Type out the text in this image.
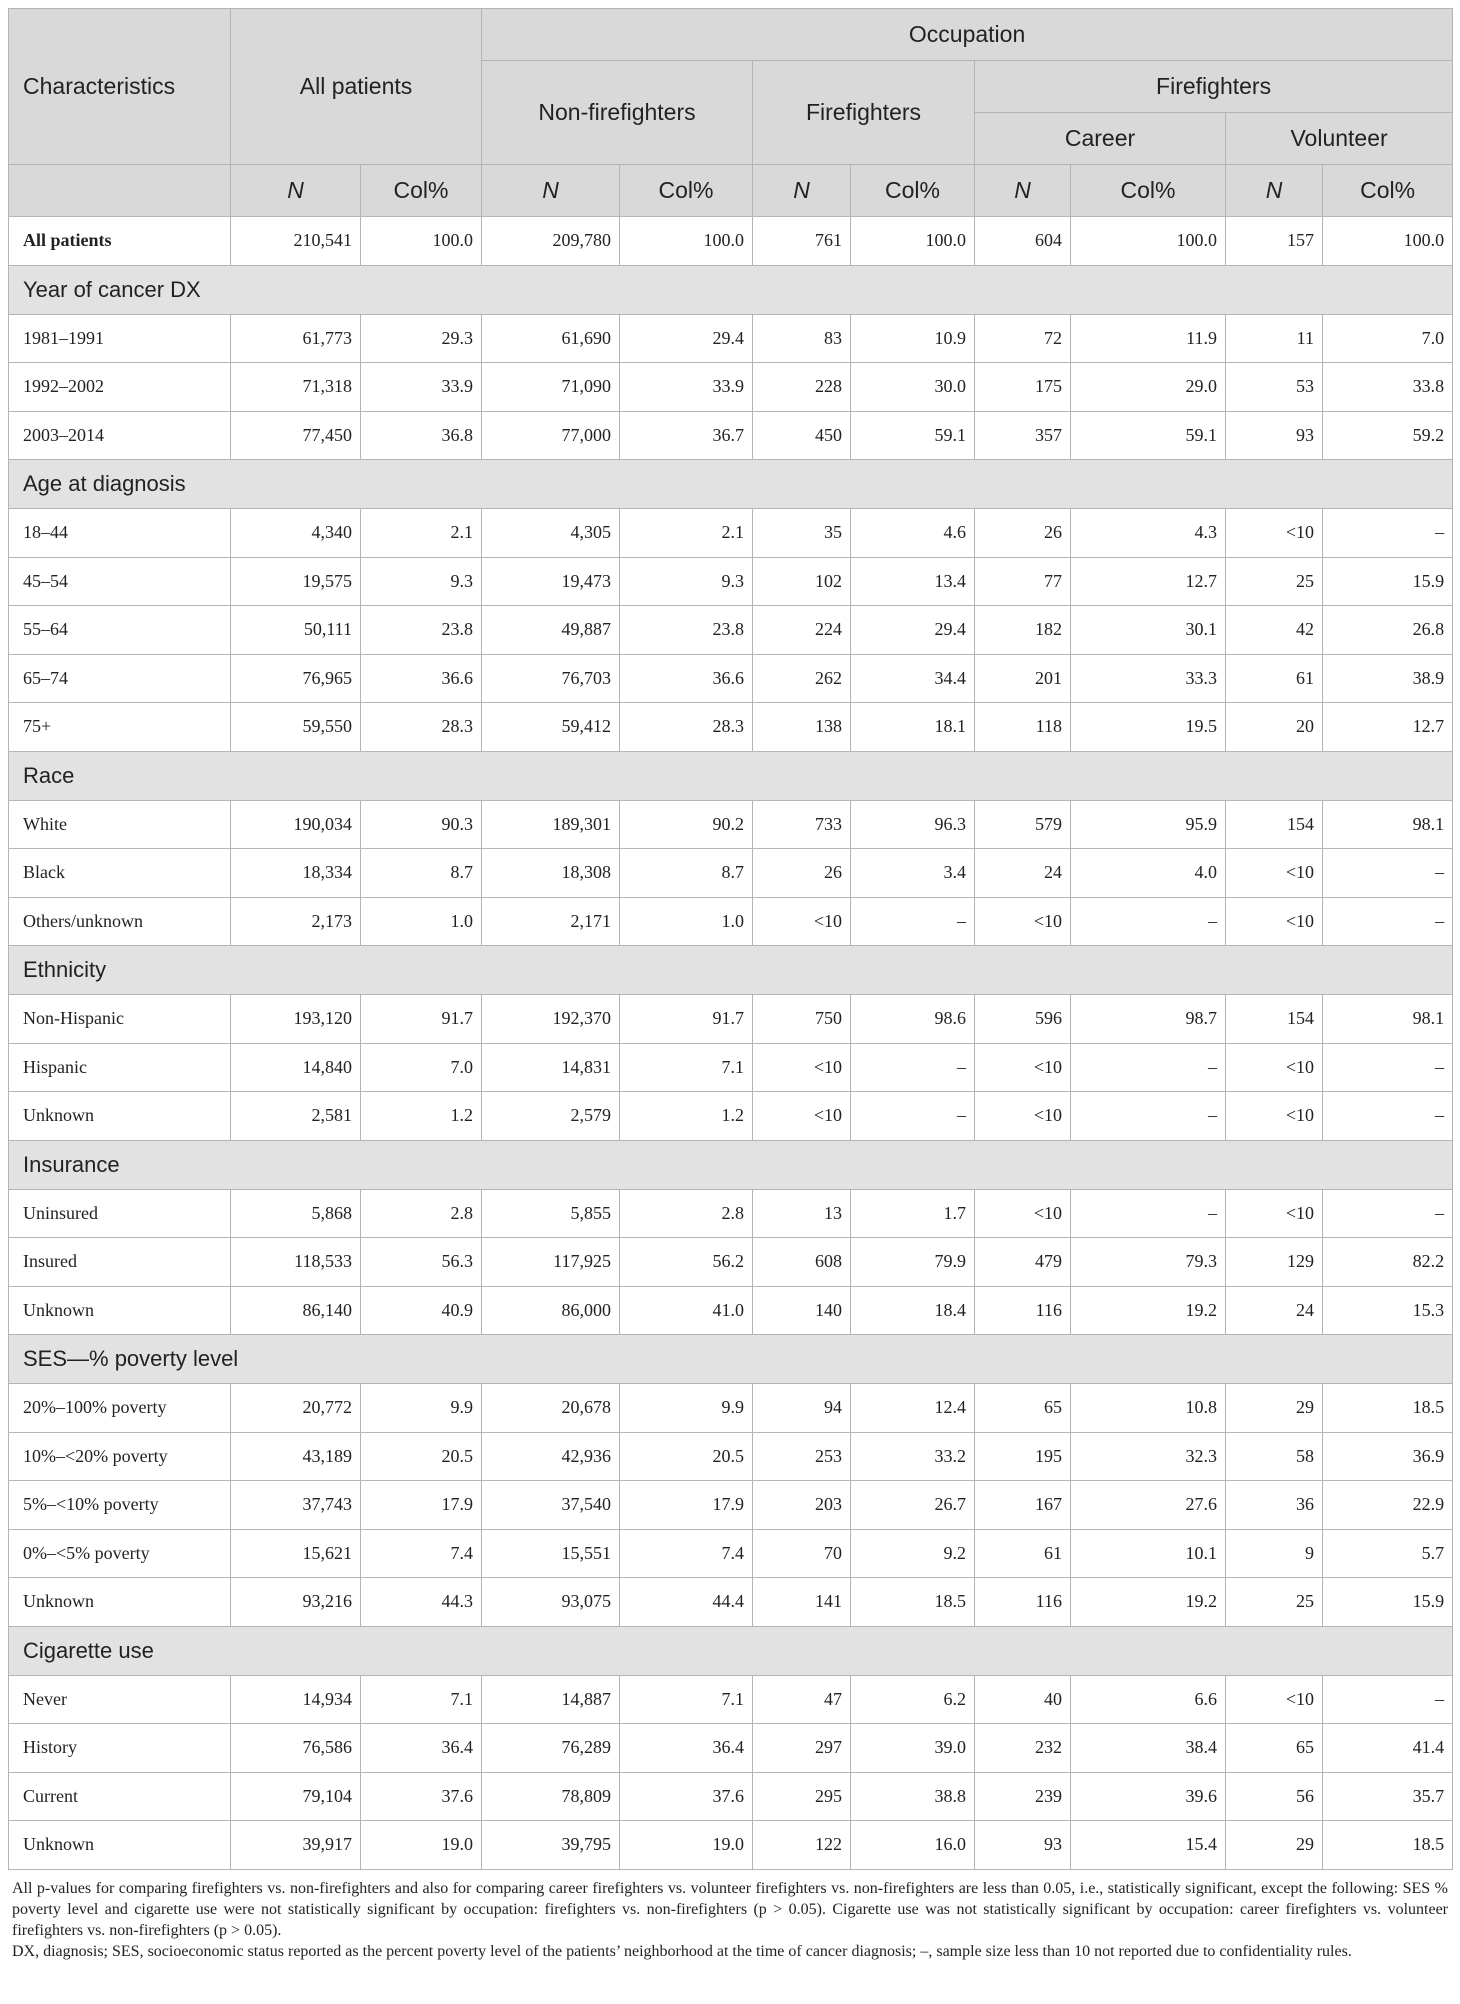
Characteristics	All patients		Occupation							
			Non-firefighters		Firefighters		Firefighters			
							Career		Volunteer	
	N	Col%	N	Col%	N	Col%	N	Col%	N	Col%
All patients	210,541	100.0	209,780	100.0	761	100.0	604	100.0	157	100.0
Year of cancer DX										
1981–1991	61,773	29.3	61,690	29.4	83	10.9	72	11.9	11	7.0
1992–2002	71,318	33.9	71,090	33.9	228	30.0	175	29.0	53	33.8
2003–2014	77,450	36.8	77,000	36.7	450	59.1	357	59.1	93	59.2
Age at diagnosis										
18–44	4,340	2.1	4,305	2.1	35	4.6	26	4.3	<10	–
45–54	19,575	9.3	19,473	9.3	102	13.4	77	12.7	25	15.9
55–64	50,111	23.8	49,887	23.8	224	29.4	182	30.1	42	26.8
65–74	76,965	36.6	76,703	36.6	262	34.4	201	33.3	61	38.9
75+	59,550	28.3	59,412	28.3	138	18.1	118	19.5	20	12.7
Race										
White	190,034	90.3	189,301	90.2	733	96.3	579	95.9	154	98.1
Black	18,334	8.7	18,308	8.7	26	3.4	24	4.0	<10	–
Others/unknown	2,173	1.0	2,171	1.0	<10	–	<10	–	<10	–
Ethnicity										
Non-Hispanic	193,120	91.7	192,370	91.7	750	98.6	596	98.7	154	98.1
Hispanic	14,840	7.0	14,831	7.1	<10	–	<10	–	<10	–
Unknown	2,581	1.2	2,579	1.2	<10	–	<10	–	<10	–
Insurance										
Uninsured	5,868	2.8	5,855	2.8	13	1.7	<10	–	<10	–
Insured	118,533	56.3	117,925	56.2	608	79.9	479	79.3	129	82.2
Unknown	86,140	40.9	86,000	41.0	140	18.4	116	19.2	24	15.3
SES—% poverty level										
20%–100% poverty	20,772	9.9	20,678	9.9	94	12.4	65	10.8	29	18.5
10%–<20% poverty	43,189	20.5	42,936	20.5	253	33.2	195	32.3	58	36.9
5%–<10% poverty	37,743	17.9	37,540	17.9	203	26.7	167	27.6	36	22.9
0%–<5% poverty	15,621	7.4	15,551	7.4	70	9.2	61	10.1	9	5.7
Unknown	93,216	44.3	93,075	44.4	141	18.5	116	19.2	25	15.9
Cigarette use										
Never	14,934	7.1	14,887	7.1	47	6.2	40	6.6	<10	–
History	76,586	36.4	76,289	36.4	297	39.0	232	38.4	65	41.4
Current	79,104	37.6	78,809	37.6	295	38.8	239	39.6	56	35.7
Unknown	39,917	19.0	39,795	19.0	122	16.0	93	15.4	29	18.5

All p-values for comparing firefighters vs. non-firefighters and also for comparing career firefighters vs. volunteer firefighters vs. non-firefighters are less than 0.05, i.e., statistically significant, except the following: SES % poverty level and cigarette use were not statistically significant by occupation: firefighters vs. non-firefighters (p > 0.05). Cigarette use was not statistically significant by occupation: career firefighters vs. volunteer firefighters vs. non-firefighters (p > 0.05).

DX, diagnosis; SES, socioeconomic status reported as the percent poverty level of the patients’ neighborhood at the time of cancer diagnosis; –, sample size less than 10 not reported due to confidentiality rules.
